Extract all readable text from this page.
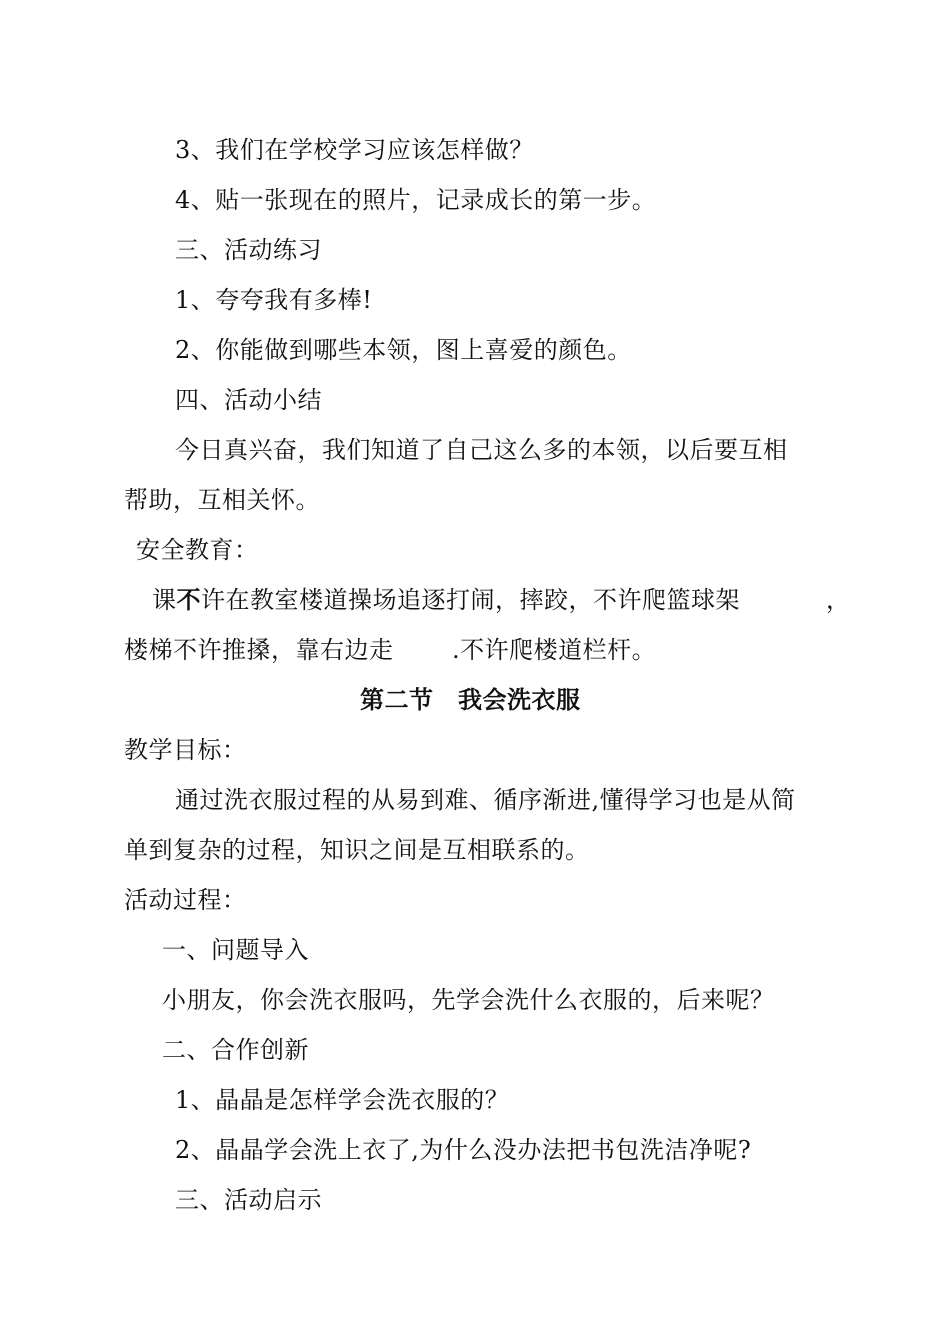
3、我们在学校学习应该怎样做？
4、贴一张现在的照片，记录成长的第一步。
三、活动练习
1、夸夸我有多棒!
2、你能做到哪些本领，图上喜爱的颜色。
四、活动小结
今日真兴奋，我们知道了自己这么多的本领，以后要互相
帮助，互相关怀。
安全教育：
课不许在教室楼道操场追逐打闹，摔跤，不许爬篮球架	，
楼梯不许推搡，靠右边走 .不许爬楼道栏杆。
第二节　我会洗衣服
教学目标：
通过洗衣服过程的从易到难、循序渐进,懂得学习也是从简
单到复杂的过程，知识之间是互相联系的。
活动过程：
一、问题导入
小朋友，你会洗衣服吗，先学会洗什么衣服的，后来呢？
二、合作创新
1、晶晶是怎样学会洗衣服的？
2、晶晶学会洗上衣了,为什么没办法把书包洗洁净呢?
三、活动启示
